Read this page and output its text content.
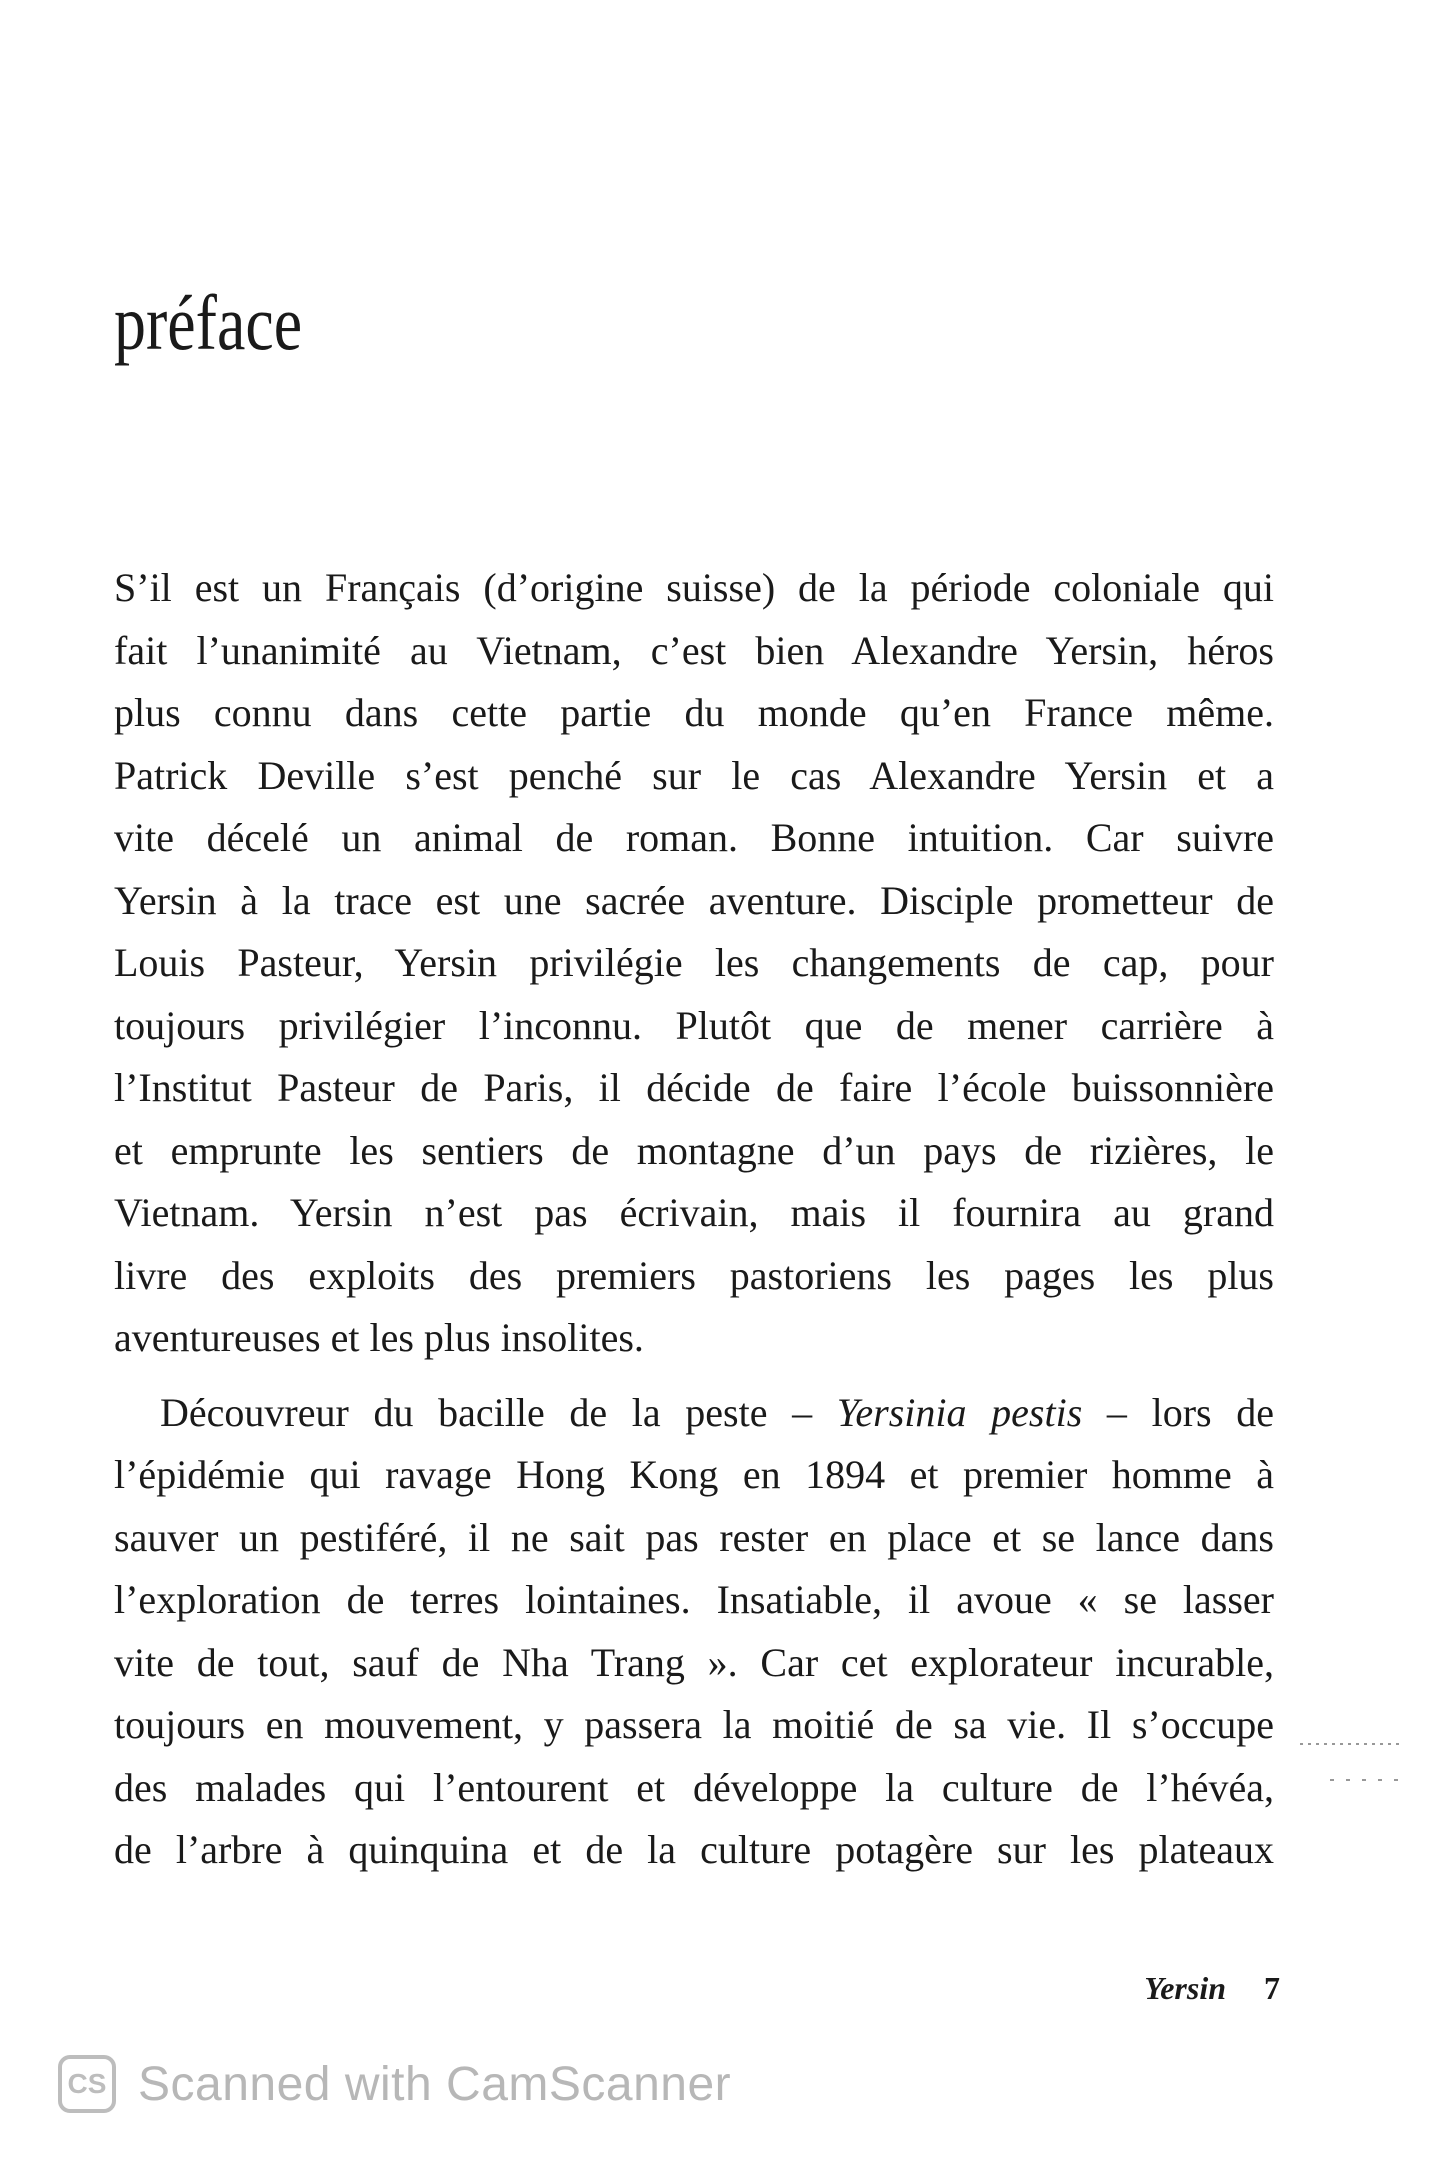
préface

S’il est un Français (d’origine suisse) de la période coloniale qui
fait l’unanimité au Vietnam, c’est bien Alexandre Yersin, héros
plus connu dans cette partie du monde qu’en France même.
Patrick Deville s’est penché sur le cas Alexandre Yersin et a
vite décelé un animal de roman. Bonne intuition. Car suivre
Yersin à la trace est une sacrée aventure. Disciple prometteur de
Louis Pasteur, Yersin privilégie les changements de cap, pour
toujours privilégier l’inconnu. Plutôt que de mener carrière à
l’Institut Pasteur de Paris, il décide de faire l’école buissonnière
et emprunte les sentiers de montagne d’un pays de rizières, le
Vietnam. Yersin n’est pas écrivain, mais il fournira au grand
livre des exploits des premiers pastoriens les pages les plus
aventureuses et les plus insolites.

Découvreur du bacille de la peste – Yersinia pestis – lors de
l’épidémie qui ravage Hong Kong en 1894 et premier homme à
sauver un pestiféré, il ne sait pas rester en place et se lance dans
l’exploration de terres lointaines. Insatiable, il avoue « se lasser
vite de tout, sauf de Nha Trang ». Car cet explorateur incurable,
toujours en mouvement, y passera la moitié de sa vie. Il s’occupe
des malades qui l’entourent et développe la culture de l’hévéa,
de l’arbre à quinquina et de la culture potagère sur les plateaux

Yersin 7
CS Scanned with CamScanner
